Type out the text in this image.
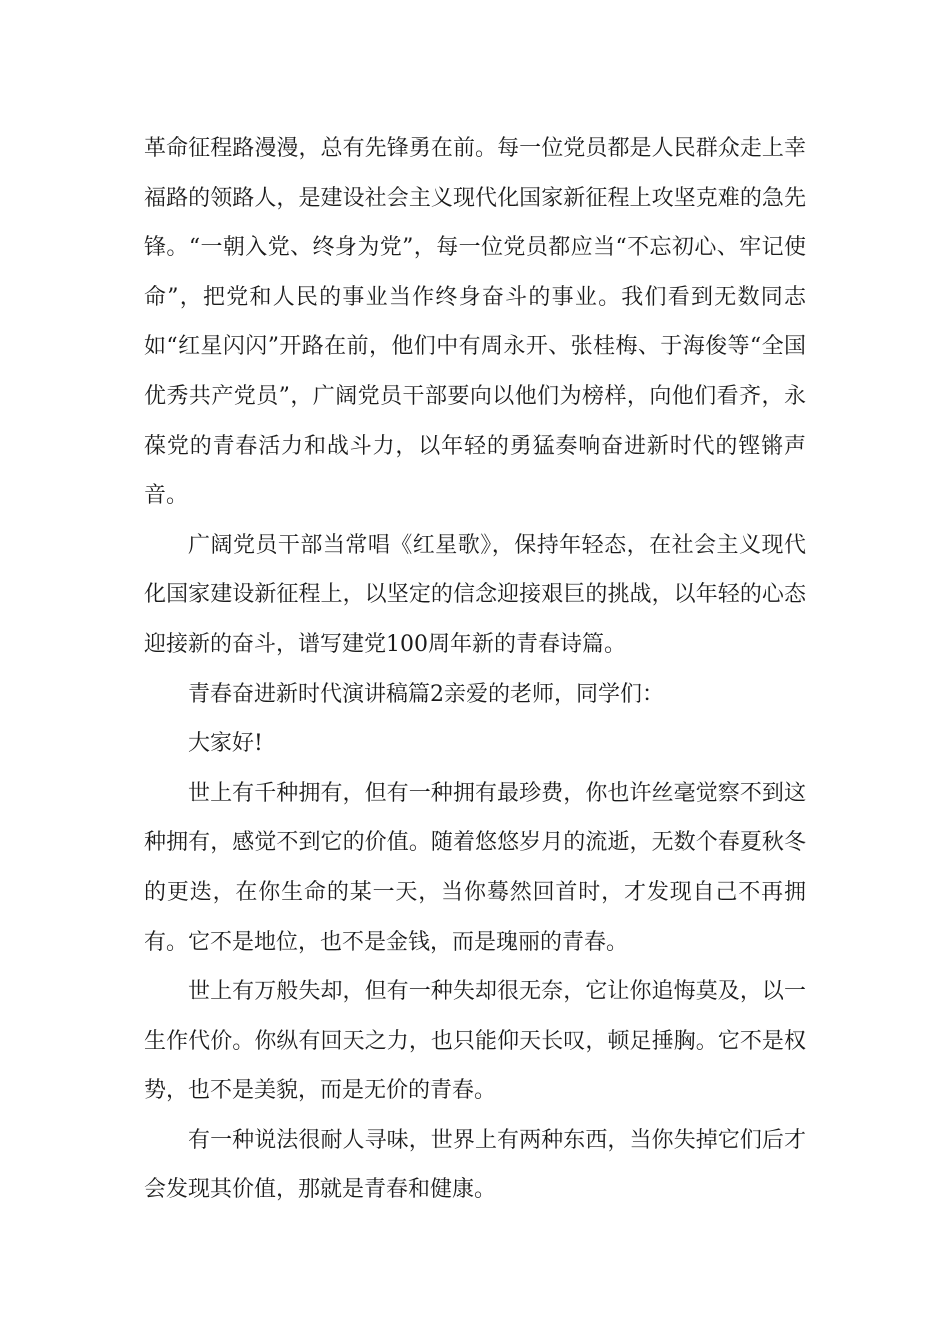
革命征程路漫漫，总有先锋勇在前。每一位党员都是人民群众走上幸福路的领路人，是建设社会主义现代化国家新征程上攻坚克难的急先锋。“一朝入党、终身为党”，每一位党员都应当“不忘初心、牢记使命”，把党和人民的事业当作终身奋斗的事业。我们看到无数同志如“红星闪闪”开路在前，他们中有周永开、张桂梅、于海俊等“全国优秀共产党员”，广阔党员干部要向以他们为榜样，向他们看齐，永葆党的青春活力和战斗力，以年轻的勇猛奏响奋进新时代的铿锵声音。

广阔党员干部当常唱《红星歌》，保持年轻态，在社会主义现代化国家建设新征程上，以坚定的信念迎接艰巨的挑战，以年轻的心态迎接新的奋斗，谱写建党100周年新的青春诗篇。

青春奋进新时代演讲稿篇2亲爱的老师，同学们：

大家好!

世上有千种拥有，但有一种拥有最珍费，你也许丝毫觉察不到这种拥有，感觉不到它的价值。随着悠悠岁月的流逝，无数个春夏秋冬的更迭，在你生命的某一天，当你蓦然回首时，才发现自己不再拥有。它不是地位，也不是金钱，而是瑰丽的青春。

世上有万般失却，但有一种失却很无奈，它让你追悔莫及，以一生作代价。你纵有回天之力，也只能仰天长叹，顿足捶胸。它不是权势，也不是美貌，而是无价的青春。

有一种说法很耐人寻味，世界上有两种东西，当你失掉它们后才会发现其价值，那就是青春和健康。
